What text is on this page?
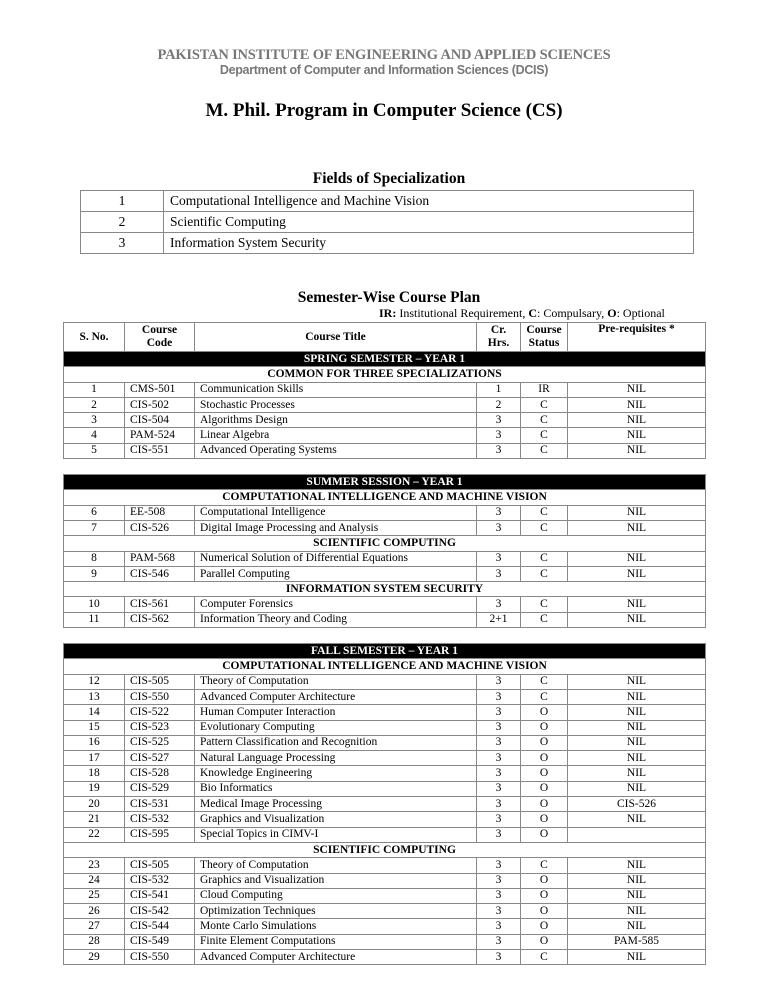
PAKISTAN INSTITUTE OF ENGINEERING AND APPLIED SCIENCES
Department of Computer and Information Sciences (DCIS)
M. Phil. Program in Computer Science (CS)
Fields of Specialization
1	Computational Intelligence and Machine Vision
2	Scientific Computing
3	Information System Security
Semester-Wise Course Plan
IR: Institutional Requirement, C: Compulsary, O: Optional
S. No.	Course Code	Course Title	Cr. Hrs.	Course Status	Pre-requisites *
SPRING SEMESTER – YEAR 1					
COMMON FOR THREE SPECIALIZATIONS					
1	CMS-501	Communication Skills	1	IR	NIL
2	CIS-502	Stochastic Processes	2	C	NIL
3	CIS-504	Algorithms Design	3	C	NIL
4	PAM-524	Linear Algebra	3	C	NIL
5	CIS-551	Advanced Operating Systems	3	C	NIL

SUMMER SESSION – YEAR 1					
COMPUTATIONAL INTELLIGENCE AND MACHINE VISION					
6	EE-508	Computational Intelligence	3	C	NIL
7	CIS-526	Digital Image Processing and Analysis	3	C	NIL
SCIENTIFIC COMPUTING					
8	PAM-568	Numerical Solution of Differential Equations	3	C	NIL
9	CIS-546	Parallel Computing	3	C	NIL
INFORMATION SYSTEM SECURITY					
10	CIS-561	Computer Forensics	3	C	NIL
11	CIS-562	Information Theory and Coding	2+1	C	NIL

FALL SEMESTER – YEAR 1					
COMPUTATIONAL INTELLIGENCE AND MACHINE VISION					
12	CIS-505	Theory of Computation	3	C	NIL
13	CIS-550	Advanced Computer Architecture	3	C	NIL
14	CIS-522	Human Computer Interaction	3	O	NIL
15	CIS-523	Evolutionary Computing	3	O	NIL
16	CIS-525	Pattern Classification and Recognition	3	O	NIL
17	CIS-527	Natural Language Processing	3	O	NIL
18	CIS-528	Knowledge Engineering	3	O	NIL
19	CIS-529	Bio Informatics	3	O	NIL
20	CIS-531	Medical Image Processing	3	O	CIS-526
21	CIS-532	Graphics and Visualization	3	O	NIL
22	CIS-595	Special Topics in CIMV-I	3	O	
SCIENTIFIC COMPUTING					
23	CIS-505	Theory of Computation	3	C	NIL
24	CIS-532	Graphics and Visualization	3	O	NIL
25	CIS-541	Cloud Computing	3	O	NIL
26	CIS-542	Optimization Techniques	3	O	NIL
27	CIS-544	Monte Carlo Simulations	3	O	NIL
28	CIS-549	Finite Element Computations	3	O	PAM-585
29	CIS-550	Advanced Computer Architecture	3	C	NIL
